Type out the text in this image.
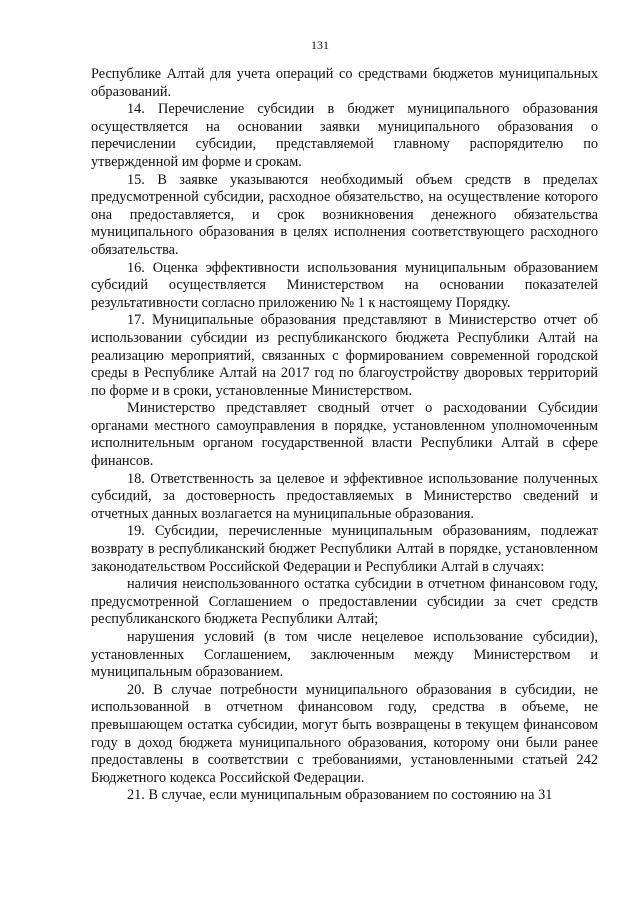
131

Республике Алтай для учета операций со средствами бюджетов муниципальных образований.

14. Перечисление субсидии в бюджет муниципального образования осуществляется на основании заявки муниципального образования о перечислении субсидии, представляемой главному распорядителю по утвержденной им форме и срокам.

15. В заявке указываются необходимый объем средств в пределах предусмотренной субсидии, расходное обязательство, на осуществление которого она предоставляется, и срок возникновения денежного обязательства муниципального образования в целях исполнения соответствующего расходного обязательства.

16. Оценка эффективности использования муниципальным образованием субсидий осуществляется Министерством на основании показателей результативности согласно приложению № 1 к настоящему Порядку.

17. Муниципальные образования представляют в Министерство отчет об использовании субсидии из республиканского бюджета Республики Алтай на реализацию мероприятий, связанных с формированием современной городской среды в Республике Алтай на 2017 год по благоустройству дворовых территорий по форме и в сроки, установленные Министерством.

Министерство представляет сводный отчет о расходовании Субсидии органами местного самоуправления в порядке, установленном уполномоченным исполнительным органом государственной власти Республики Алтай в сфере финансов.

18. Ответственность за целевое и эффективное использование полученных субсидий, за достоверность предоставляемых в Министерство сведений и отчетных данных возлагается на муниципальные образования.

19. Субсидии, перечисленные муниципальным образованиям, подлежат возврату в республиканский бюджет Республики Алтай в порядке, установленном законодательством Российской Федерации и Республики Алтай в случаях:

наличия неиспользованного остатка субсидии в отчетном финансовом году, предусмотренной Соглашением о предоставлении субсидии за счет средств республиканского бюджета Республики Алтай;

нарушения условий (в том числе нецелевое использование субсидии), установленных Соглашением, заключенным между Министерством и муниципальным образованием.

20. В случае потребности муниципального образования в субсидии, не использованной в отчетном финансовом году, средства в объеме, не превышающем остатка субсидии, могут быть возвращены в текущем финансовом году в доход бюджета муниципального образования, которому они были ранее предоставлены в соответствии с требованиями, установленными статьей 242 Бюджетного кодекса Российской Федерации.

21. В случае, если муниципальным образованием по состоянию на 31
